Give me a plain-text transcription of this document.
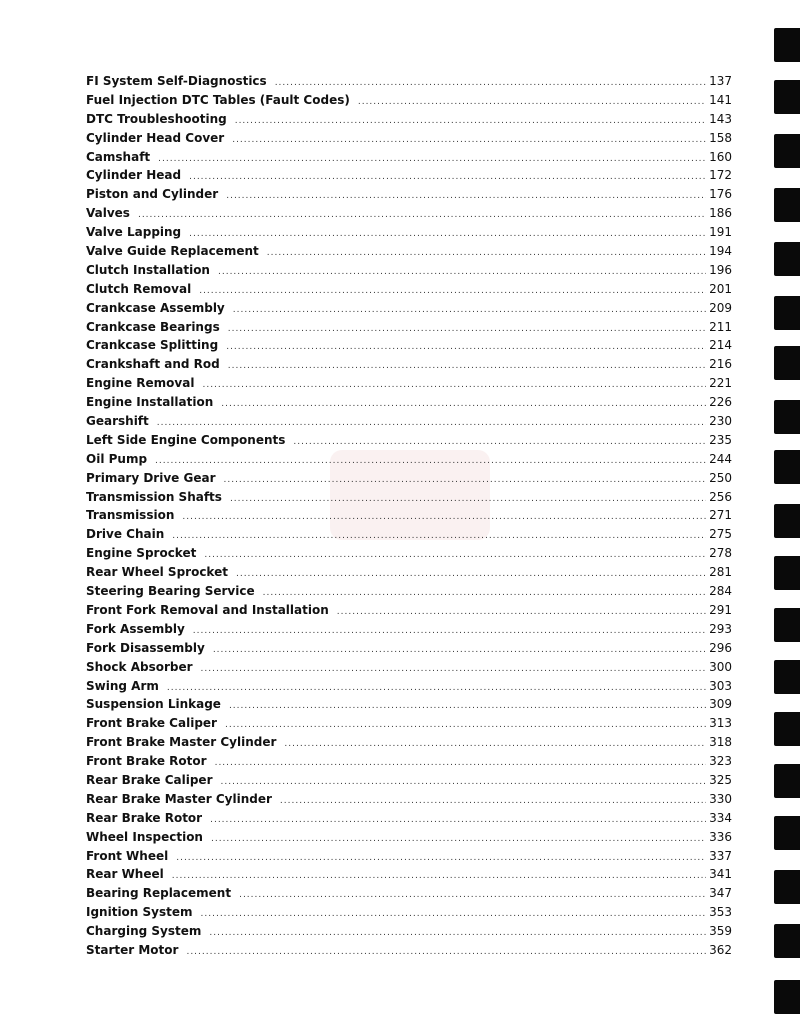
FI System Self-Diagnostics .....	137
Fuel Injection DTC Tables (Fault Codes) .....	141
DTC Troubleshooting .....	143
Cylinder Head Cover .....	158
Camshaft .....	160
Cylinder Head .....	172
Piston and Cylinder .....	176
Valves .....	186
Valve Lapping .....	191
Valve Guide Replacement .....	194
Clutch Installation .....	196
Clutch Removal .....	201
Crankcase Assembly .....	209
Crankcase Bearings .....	211
Crankcase Splitting .....	214
Crankshaft and Rod .....	216
Engine Removal .....	221
Engine Installation .....	226
Gearshift .....	230
Left Side Engine Components .....	235
Oil Pump .....	244
Primary Drive Gear .....	250
Transmission Shafts .....	256
Transmission .....	271
Drive Chain .....	275
Engine Sprocket .....	278
Rear Wheel Sprocket .....	281
Steering Bearing Service .....	284
Front Fork Removal and Installation .....	291
Fork Assembly .....	293
Fork Disassembly .....	296
Shock Absorber .....	300
Swing Arm .....	303
Suspension Linkage .....	309
Front Brake Caliper .....	313
Front Brake Master Cylinder .....	318
Front Brake Rotor .....	323
Rear Brake Caliper .....	325
Rear Brake Master Cylinder .....	330
Rear Brake Rotor .....	334
Wheel Inspection .....	336
Front Wheel .....	337
Rear Wheel .....	341
Bearing Replacement .....	347
Ignition System .....	353
Charging System .....	359
Starter Motor .....	362
